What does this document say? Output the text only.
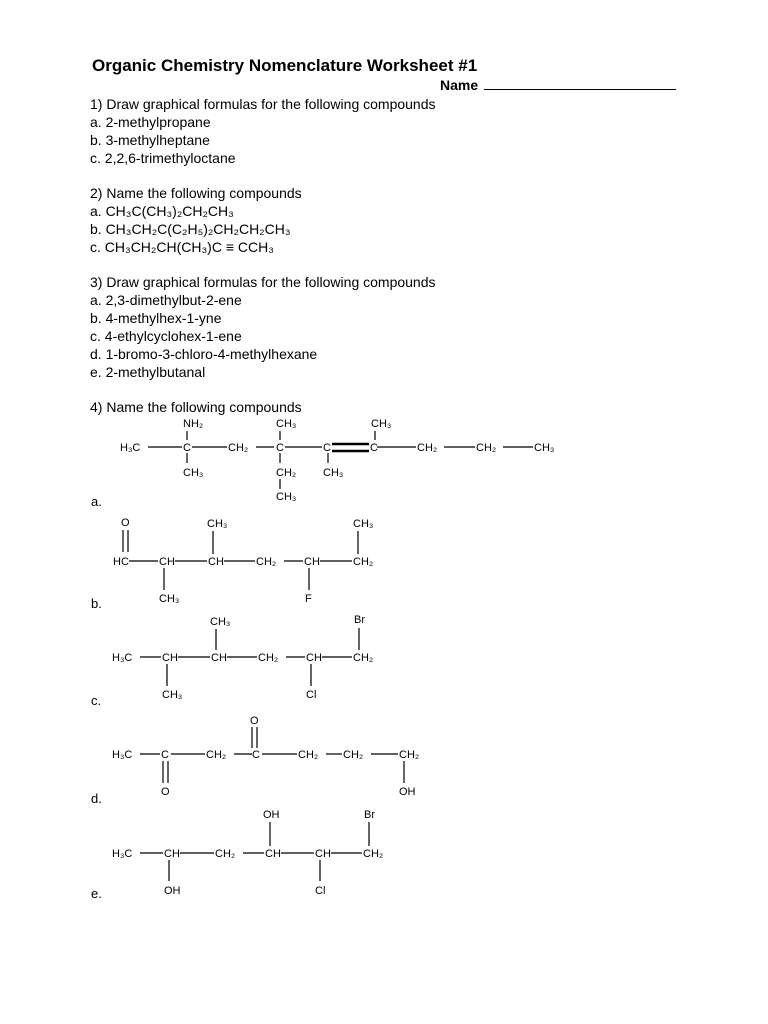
Organic Chemistry Nomenclature Worksheet #1
Name
1) Draw graphical formulas for the following compounds
a. 2-methylpropane
b. 3-methylheptane
c. 2,2,6-trimethyloctane
2) Name the following compounds
a. CH₃C(CH₃)₂CH₂CH₃
b. CH₃CH₂C(C₂H₅)₂CH₂CH₂CH₃
c. CH₃CH₂CH(CH₃)C ≡ CCH₃
3) Draw graphical formulas for the following compounds
a. 2,3-dimethylbut-2-ene
b. 4-methylhex-1-yne
c. 4-ethylcyclohex-1-ene
d. 1-bromo-3-chloro-4-methylhexane
e. 2-methylbutanal
4) Name the following compounds
a.
b.
c.
d.
e.
H₃C	C
NH₂
CH₃
CH₂	C
CH₃
CH₂
CH₃
C
CH₃
C
CH₃
CH₂	CH₂	CH₃
O
HC	CH
CH₃
CH
CH₃
CH₂	CH
F
CH₂
CH₃
H₃C	CH
CH₃
CH
CH₃
CH₂	CH
Cl
CH₂
Br
H₃C	C
O
CH₂ C
O
CH₂ CH₂	CH₂
OH
H₃C	CH
OH
CH₂	CH
OH
CH
Cl
CH₂
Br
